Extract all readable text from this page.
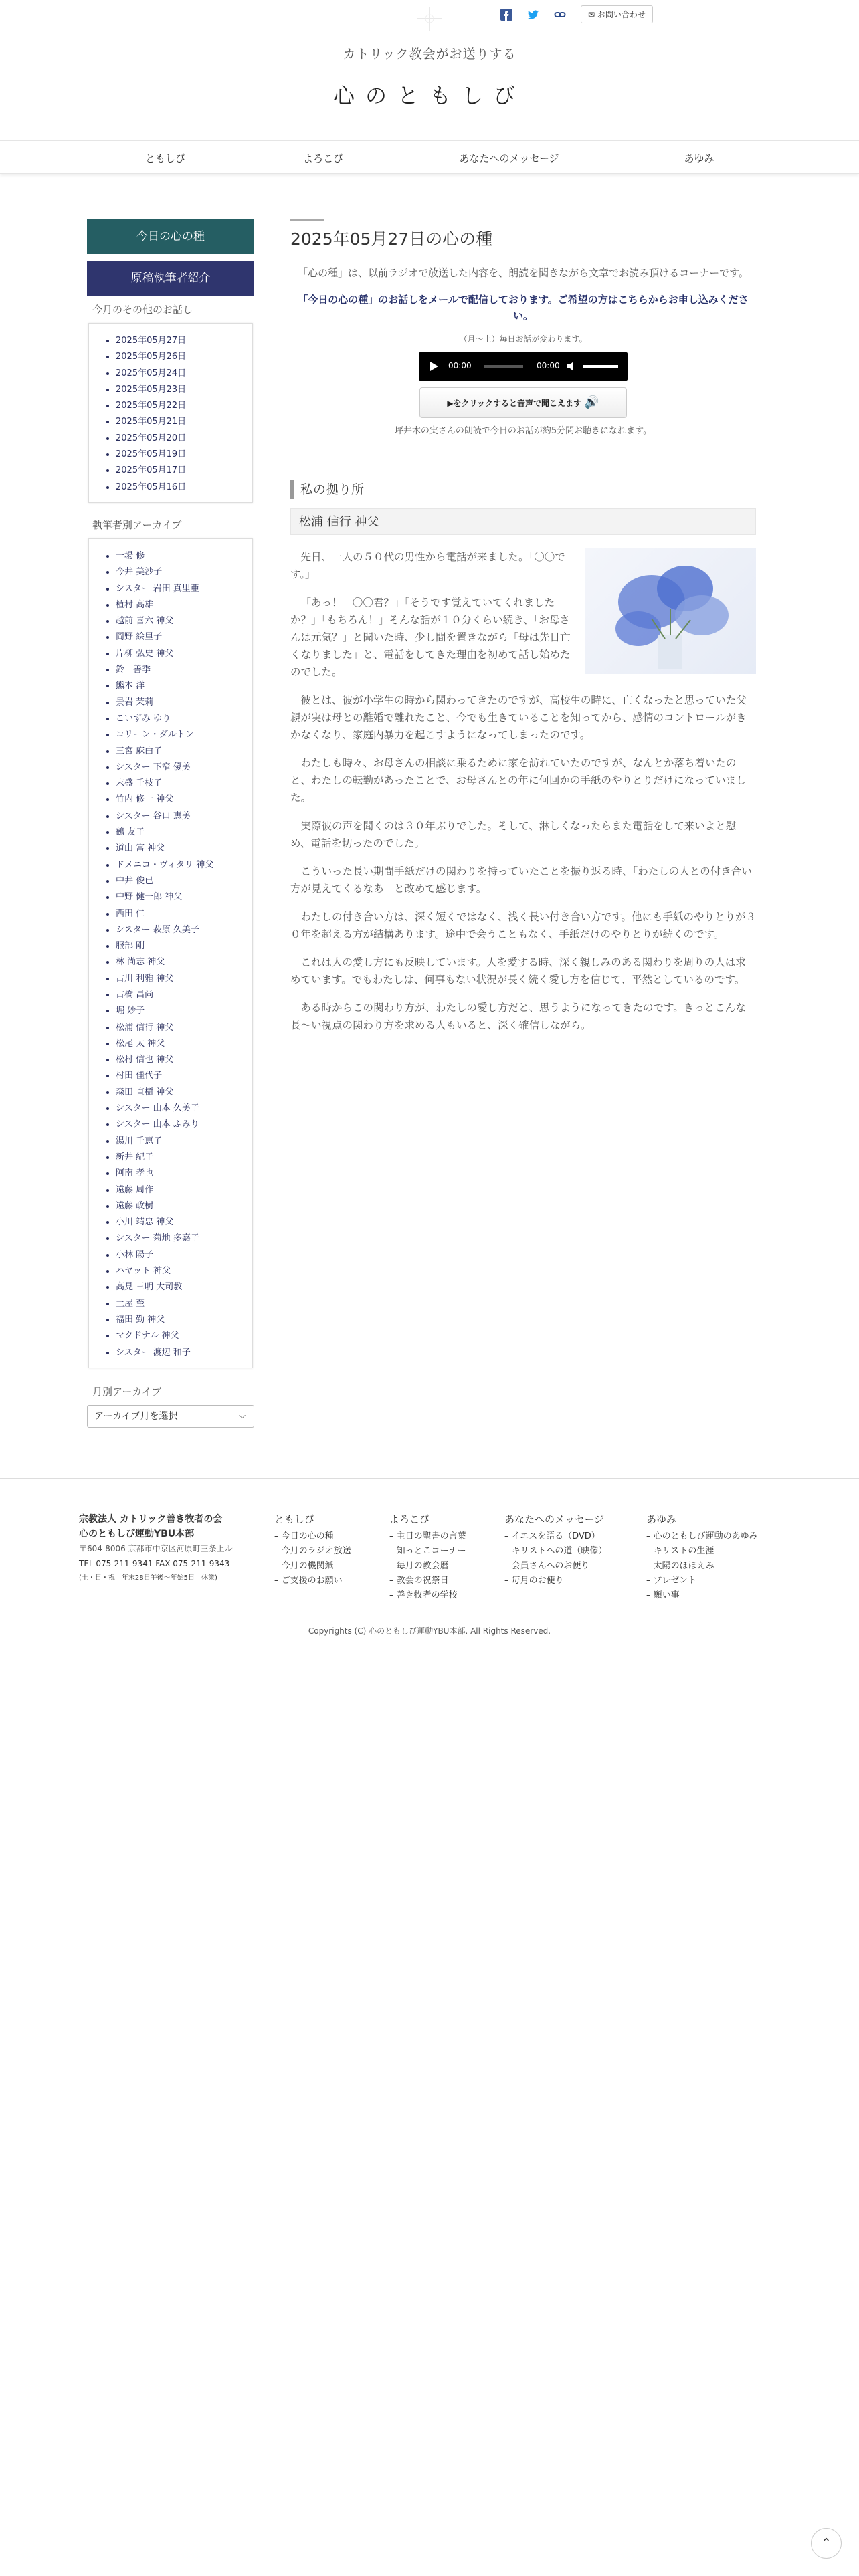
✉ お問い合わせ
カトリック教会がお送りする
心のともしび
ともしび	よろこび	あなたへのメッセージ	あゆみ
今日の心の種
原稿執筆者紹介
今月のその他のお話し
• 2025年05月27日
• 2025年05月26日
• 2025年05月24日
• 2025年05月23日
• 2025年05月22日
• 2025年05月21日
• 2025年05月20日
• 2025年05月19日
• 2025年05月17日
• 2025年05月16日
執筆者別アーカイブ
• 一場 修
• 今井 美沙子
• シスター 岩田 真里亜
• 植村 高雄
• 越前 喜六 神父
• 岡野 絵里子
• 片柳 弘史 神父
• 鈴　善季
• 熊本 洋
• 景岩 茉莉
• こいずみ ゆり
• コリーン・ダルトン
• 三宮 麻由子
• シスター 下窄 優美
• 末盛 千枝子
• 竹内 修一 神父
• シスター 谷口 恵美
• 鶴 友子
• 道山 富 神父
• ドメニコ・ヴィタリ 神父
• 中井 俊已
• 中野 健一郎 神父
• 西田 仁
• シスター 萩原 久美子
• 服部 剛
• 林 尚志 神父
• 古川 利雅 神父
• 古橋 昌尚
• 堀 妙子
• 松浦 信行 神父
• 松尾 太 神父
• 松村 信也 神父
• 村田 佳代子
• 森田 直樹 神父
• シスター 山本 久美子
• シスター 山本 ふみり
• 湯川 千恵子
• 新井 紀子
• 阿南 孝也
• 遠藤 周作
• 遠藤 政樹
• 小川 靖忠 神父
• シスター 菊地 多嘉子
• 小林 陽子
• ハヤット 神父
• 高見 三明 大司教
• 土屋 至
• 福田 勤 神父
• マクドナル 神父
• シスター 渡辺 和子
月別アーカイブ
アーカイブ月を選択	⌵
2025年05月27日の心の種
「心の種」は、以前ラジオで放送した内容を、朗読を聞きながら文章でお読み頂けるコーナーです。
「今日の心の種」のお話しをメールで配信しております。ご希望の方はこちらからお申し込みください。
（月～土）毎日お話が変わります。
00:00	00:00
▶をクリックすると音声で聞こえます 🔊
坪井木の実さんの朗読で今日のお話が約5分間お聴きになれます。
私の拠り所
松浦 信行 神父

先日、一人の５０代の男性から電話が来ました。「〇〇です。」

「あっ！　〇〇君？」「そうです覚えていてくれましたか？」「もちろん！」そんな話が１０分くらい続き、「お母さんは元気？」と聞いた時、少し間を置きながら「母は先日亡くなりました」と、電話をしてきた理由を初めて話し始めたのでした。

彼とは、彼が小学生の時から関わってきたのですが、高校生の時に、亡くなったと思っていた父親が実は母との離婚で離れたこと、今でも生きていることを知ってから、感情のコントロールがきかなくなり、家庭内暴力を起こすようになってしまったのです。

わたしも時々、お母さんの相談に乗るために家を訪れていたのですが、なんとか落ち着いたのと、わたしの転勤があったことで、お母さんとの年に何回かの手紙のやりとりだけになっていました。

実際彼の声を聞くのは３０年ぶりでした。そして、淋しくなったらまた電話をして来いよと慰め、電話を切ったのでした。

こういった長い期間手紙だけの関わりを持っていたことを振り返る時、「わたしの人との付き合い方が見えてくるなあ」と改めて感じます。

わたしの付き合い方は、深く短くではなく、浅く長い付き合い方です。他にも手紙のやりとりが３０年を超える方が結構あります。途中で会うこともなく、手紙だけのやりとりが続くのです。

これは人の愛し方にも反映しています。人を愛する時、深く親しみのある関わりを周りの人は求めています。でもわたしは、何事もない状況が長く続く愛し方を信じて、平然としているのです。

ある時からこの関わり方が、わたしの愛し方だと、思うようになってきたのです。きっとこんな長～い視点の関わり方を求める人もいると、深く確信しながら。

宗教法人 カトリック善き牧者の会
心のともしび運動YBU本部
〒604-8006 京都市中京区河原町三条上ル
TEL 075-211-9341 FAX 075-211-9343
(土・日・祝　年末28日午後〜年始5日　休業)
ともしび
– 今日の心の種
– 今月のラジオ放送
– 今月の機関紙
– ご支援のお願い
よろこび
– 主日の聖書の言葉
– 知っとこコーナー
– 毎月の教会暦
– 教会の祝祭日
– 善き牧者の学校
あなたへのメッセージ
– イエスを語る（DVD）
– キリストへの道（映像）
– 会員さんへのお便り
– 毎月のお便り
あゆみ
– 心のともしび運動のあゆみ
– キリストの生涯
– 太陽のほほえみ
– プレゼント
– 願い事
Copyrights (C) 心のともしび運動YBU本部. All Rights Reserved.
⌃
